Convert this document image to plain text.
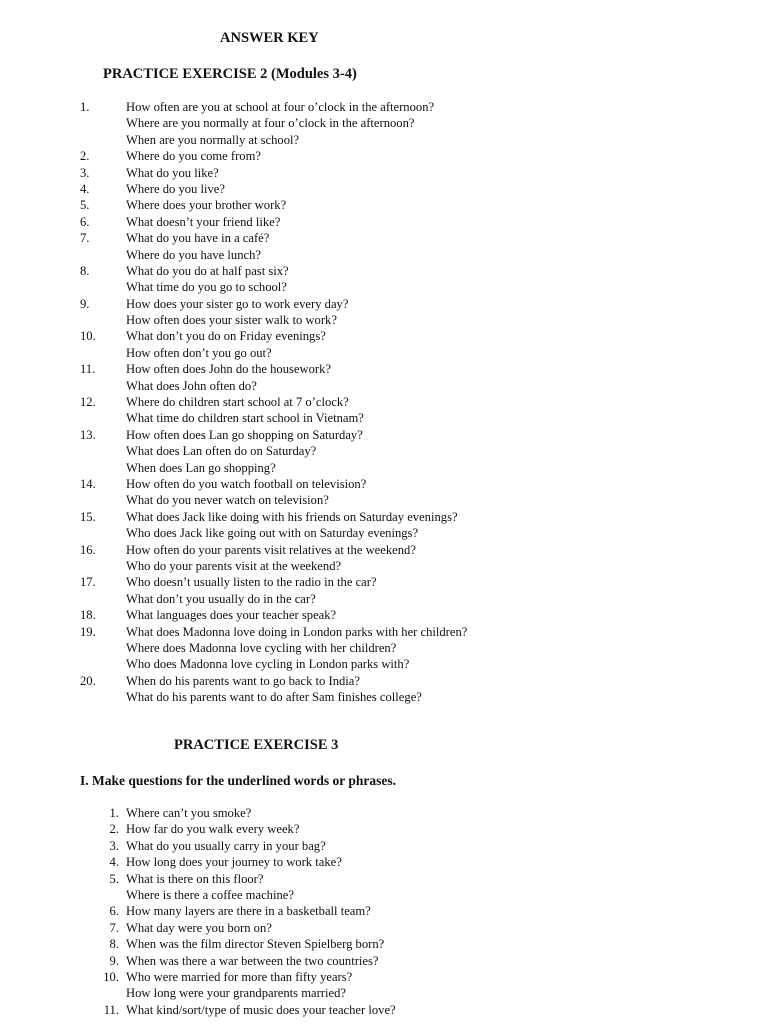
ANSWER KEY
PRACTICE EXERCISE 2 (Modules 3-4)
1.	How often are you at school at four o’clock in the afternoon?
Where are you normally at four o’clock in the afternoon?
When are you normally at school?
2.	Where do you come from?
3.	What do you like?
4.	Where do you live?
5.	Where does your brother work?
6.	What doesn’t your friend like?
7.	What do you have in a café?
Where do you have lunch?
8.	What do you do at half past six?
What time do you go to school?
9.	How does your sister go to work every day?
How often does your sister walk to work?
10. What don’t you do on Friday evenings?
How often don’t you go out?
11. How often does John do the housework?
What does John often do?
12. Where do children start school at 7 o’clock?
What time do children start school in Vietnam?
13. How often does Lan go shopping on Saturday?
What does Lan often do on Saturday?
When does Lan go shopping?
14. How often do you watch football on television?
What do you never watch on television?
15. What does Jack like doing with his friends on Saturday evenings?
Who does Jack like going out with on Saturday evenings?
16. How often do your parents visit relatives at the weekend?
Who do your parents visit at the weekend?
17. Who doesn’t usually listen to the radio in the car?
What don’t you usually do in the car?
18. What languages does your teacher speak?
19. What does Madonna love doing in London parks with her children?
Where does Madonna love cycling with her children?
Who does Madonna love cycling in London parks with?
20. When do his parents want to go back to India?
What do his parents want to do after Sam finishes college?
PRACTICE EXERCISE 3
I. Make questions for the underlined words or phrases.
1. Where can’t you smoke?
2. How far do you walk every week?
3. What do you usually carry in your bag?
4. How long does your journey to work take?
5. What is there on this floor?
Where is there a coffee machine?
6. How many layers are there in a basketball team?
7. What day were you born on?
8. When was the film director Steven Spielberg born?
9. When was there a war between the two countries?
10. Who were married for more than fifty years?
How long were your grandparents married?
11. What kind/sort/type of music does your teacher love?
